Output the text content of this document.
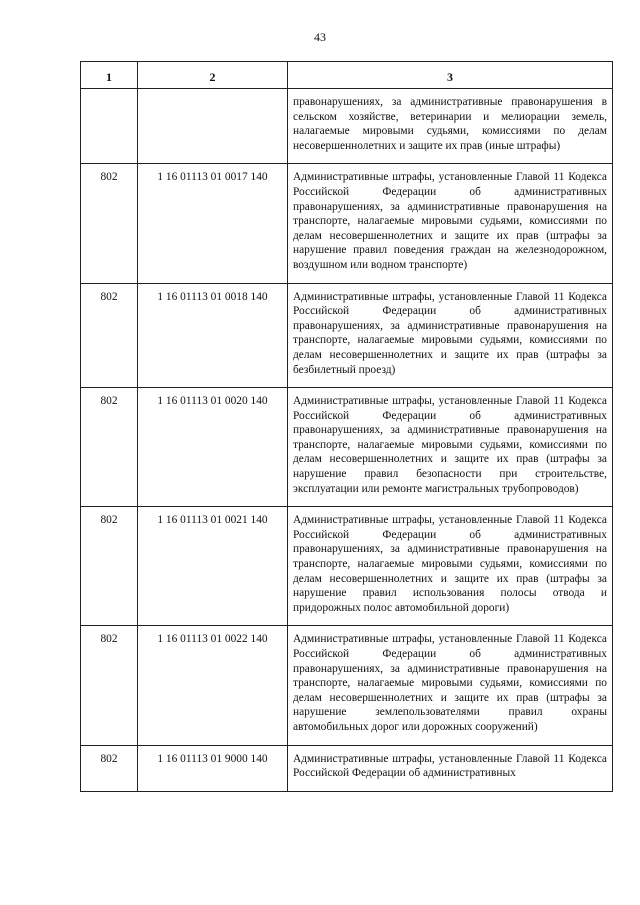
43
1	2	3
		правонарушениях, за административные правонарушения в сельском хозяйстве, ветеринарии и мелиорации земель, налагаемые мировыми судьями, комиссиями по делам несовершеннолетних и защите их прав (иные штрафы)
802	1 16 01113 01 0017 140	Административные штрафы, установленные Главой 11 Кодекса Российской Федерации об административных правонарушениях, за административные правонарушения на транспорте, налагаемые мировыми судьями, комиссиями по делам несовершеннолетних и защите их прав (штрафы за нарушение правил поведения граждан на железнодорожном, воздушном или водном транспорте)
802	1 16 01113 01 0018 140	Административные штрафы, установленные Главой 11 Кодекса Российской Федерации об административных правонарушениях, за административные правонарушения на транспорте, налагаемые мировыми судьями, комиссиями по делам несовершеннолетних и защите их прав (штрафы за безбилетный проезд)
802	1 16 01113 01 0020 140	Административные штрафы, установленные Главой 11 Кодекса Российской Федерации об административных правонарушениях, за административные правонарушения на транспорте, налагаемые мировыми судьями, комиссиями по делам несовершеннолетних и защите их прав (штрафы за нарушение правил безопасности при строительстве, эксплуатации или ремонте магистральных трубопроводов)
802	1 16 01113 01 0021 140	Административные штрафы, установленные Главой 11 Кодекса Российской Федерации об административных правонарушениях, за административные правонарушения на транспорте, налагаемые мировыми судьями, комиссиями по делам несовершеннолетних и защите их прав (штрафы за нарушение правил использования полосы отвода и придорожных полос автомобильной дороги)
802	1 16 01113 01 0022 140	Административные штрафы, установленные Главой 11 Кодекса Российской Федерации об административных правонарушениях, за административные правонарушения на транспорте, налагаемые мировыми судьями, комиссиями по делам несовершеннолетних и защите их прав (штрафы за нарушение землепользователями правил охраны автомобильных дорог или дорожных сооружений)
802	1 16 01113 01 9000 140	Административные штрафы, установленные Главой 11 Кодекса Российской Федерации об административных
